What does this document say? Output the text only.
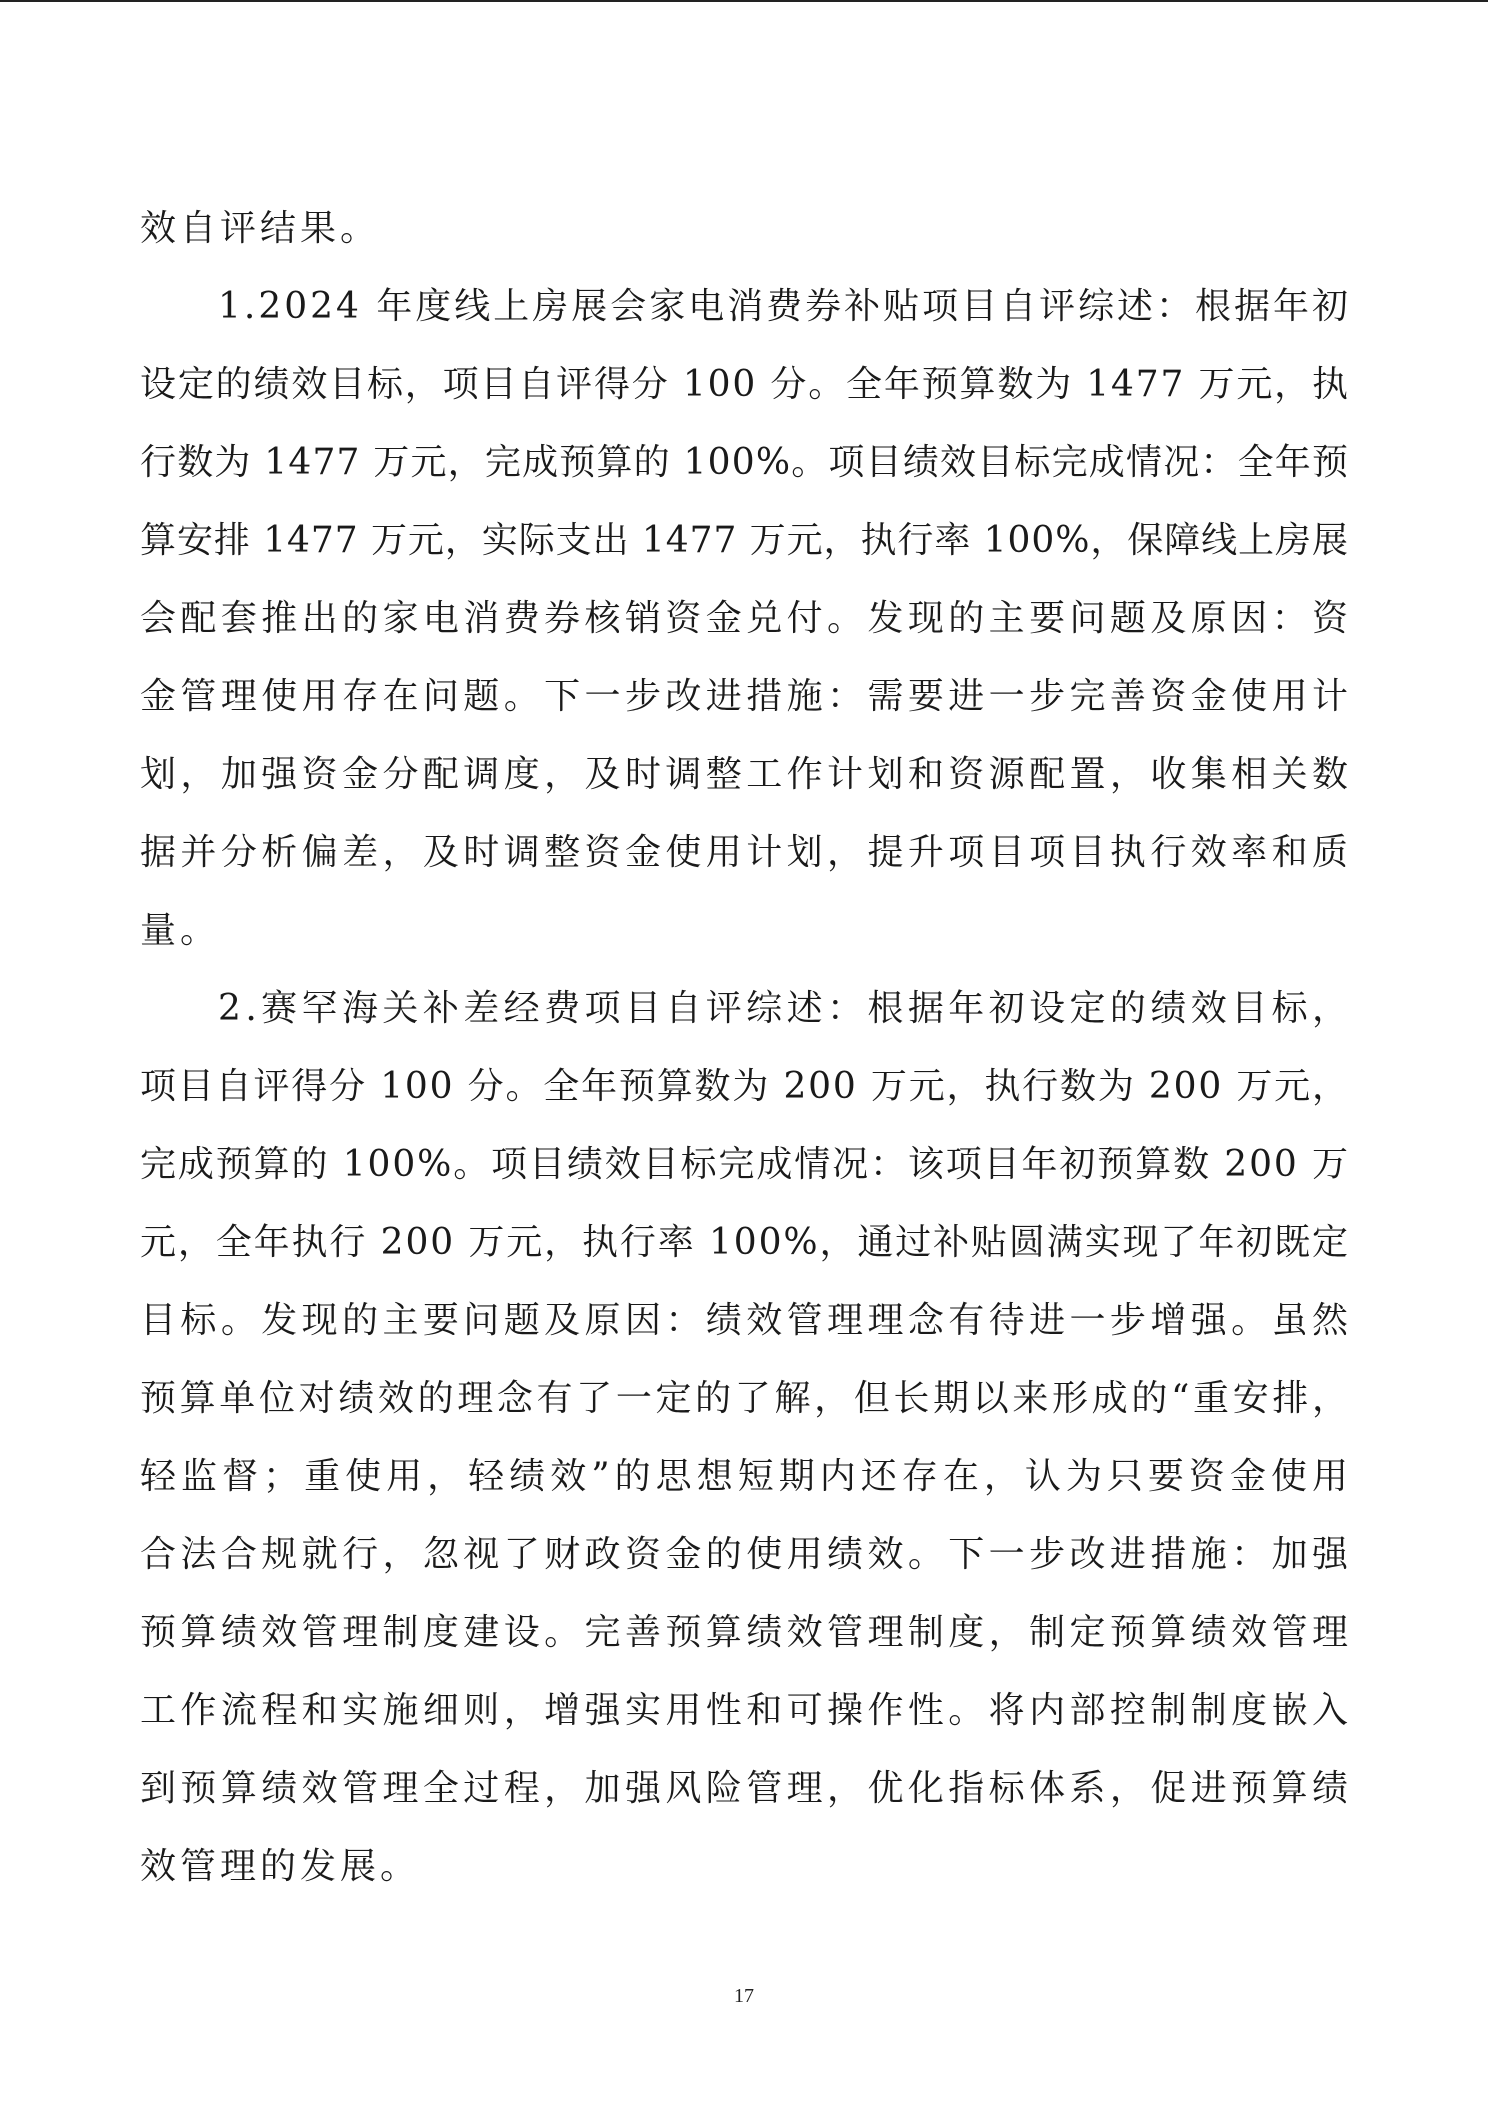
效自评结果。
1.2024 年度线上房展会家电消费券补贴项目自评综述：根据年初
设定的绩效目标，项目自评得分 100 分。全年预算数为 1477 万元，执
行数为 1477 万元，完成预算的 100%。项目绩效目标完成情况：全年预
算安排 1477 万元，实际支出 1477 万元，执行率 100%，保障线上房展
会配套推出的家电消费券核销资金兑付。发现的主要问题及原因：资
金管理使用存在问题。下一步改进措施：需要进一步完善资金使用计
划，加强资金分配调度，及时调整工作计划和资源配置，收集相关数
据并分析偏差，及时调整资金使用计划，提升项目项目执行效率和质
量。
2.赛罕海关补差经费项目自评综述：根据年初设定的绩效目标，
项目自评得分 100 分。全年预算数为 200 万元，执行数为 200 万元，
完成预算的 100%。项目绩效目标完成情况：该项目年初预算数 200 万
元，全年执行 200 万元，执行率 100%，通过补贴圆满实现了年初既定
目标。发现的主要问题及原因：绩效管理理念有待进一步增强。虽然
预算单位对绩效的理念有了一定的了解，但长期以来形成的“重安排，
轻监督；重使用，轻绩效”的思想短期内还存在，认为只要资金使用
合法合规就行，忽视了财政资金的使用绩效。下一步改进措施：加强
预算绩效管理制度建设。完善预算绩效管理制度，制定预算绩效管理
工作流程和实施细则，增强实用性和可操作性。将内部控制制度嵌入
到预算绩效管理全过程，加强风险管理，优化指标体系，促进预算绩
效管理的发展。
17
